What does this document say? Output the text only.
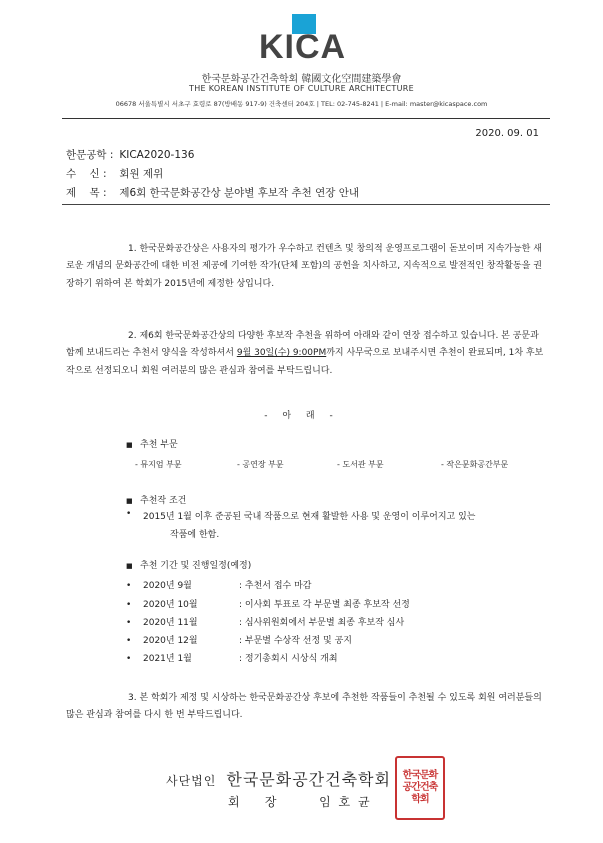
KICA
한국문화공간건축학회 韓國文化空間建築學會
THE KOREAN INSTITUTE OF CULTURE ARCHITECTURE
06678 서울특별시 서초구 효령로 87(방배동 917-9) 건축센터 204호 | TEL: 02-745-8241 | E-mail: master@kicaspace.com
2020. 09. 01
한문공학 : KICA2020-136
수    신 : 회원 제위
제    목 : 제6회 한국문화공간상 분야별 후보작 추천 연장 안내
1. 한국문화공간상은 사용자의 평가가 우수하고 컨텐츠 및 창의적 운영프로그램이 돋보이며 지속가능한 새로운 개념의 문화공간에 대한 비전 제공에 기여한 작가(단체 포함)의 공헌을 치사하고, 지속적으로 발전적인 창작활동을 권장하기 위하여 본 학회가 2015년에 제정한 상입니다.
2. 제6회 한국문화공간상의 다양한 후보작 추천을 위하여 아래와 같이 연장 접수하고 있습니다. 본 공문과 함께 보내드리는 추천서 양식을 작성하셔서 9월 30일(수) 9:00PM까지 사무국으로 보내주시면 추천이 완료되며, 1차 후보작으로 선정되오니 회원 여러분의 많은 관심과 참여를 부탁드립니다.
- 아 래 -
■ 추천 부문
- 뮤지엄 부문	- 공연장 부문	- 도서관 부문	- 작은문화공간부문
■ 추천작 조건
• 2015년 1월 이후 준공된 국내 작품으로 현재 활발한 사용 및 운영이 이루어지고 있는
작품에 한함.
■ 추천 기간 및 진행일정(예정)
• 2020년 9월	: 추천서 접수 마감
• 2020년 10월	: 이사회 투표로 각 부문별 최종 후보작 선정
• 2020년 11월	: 심사위원회에서 부문별 최종 후보작 심사
• 2020년 12월	: 부문별 수상작 선정 및 공지
• 2021년 1월	: 정기총회시 시상식 개최
3. 본 학회가 제정 및 시상하는 한국문화공간상 후보에 추천한 작품들이 추천될 수 있도록 회원 여러분들의 많은 관심과 참여를 다시 한 번 부탁드립니다.
사단법인 한국문화공간건축학회
회    장       임 호 균
한국문화공간건축학회
